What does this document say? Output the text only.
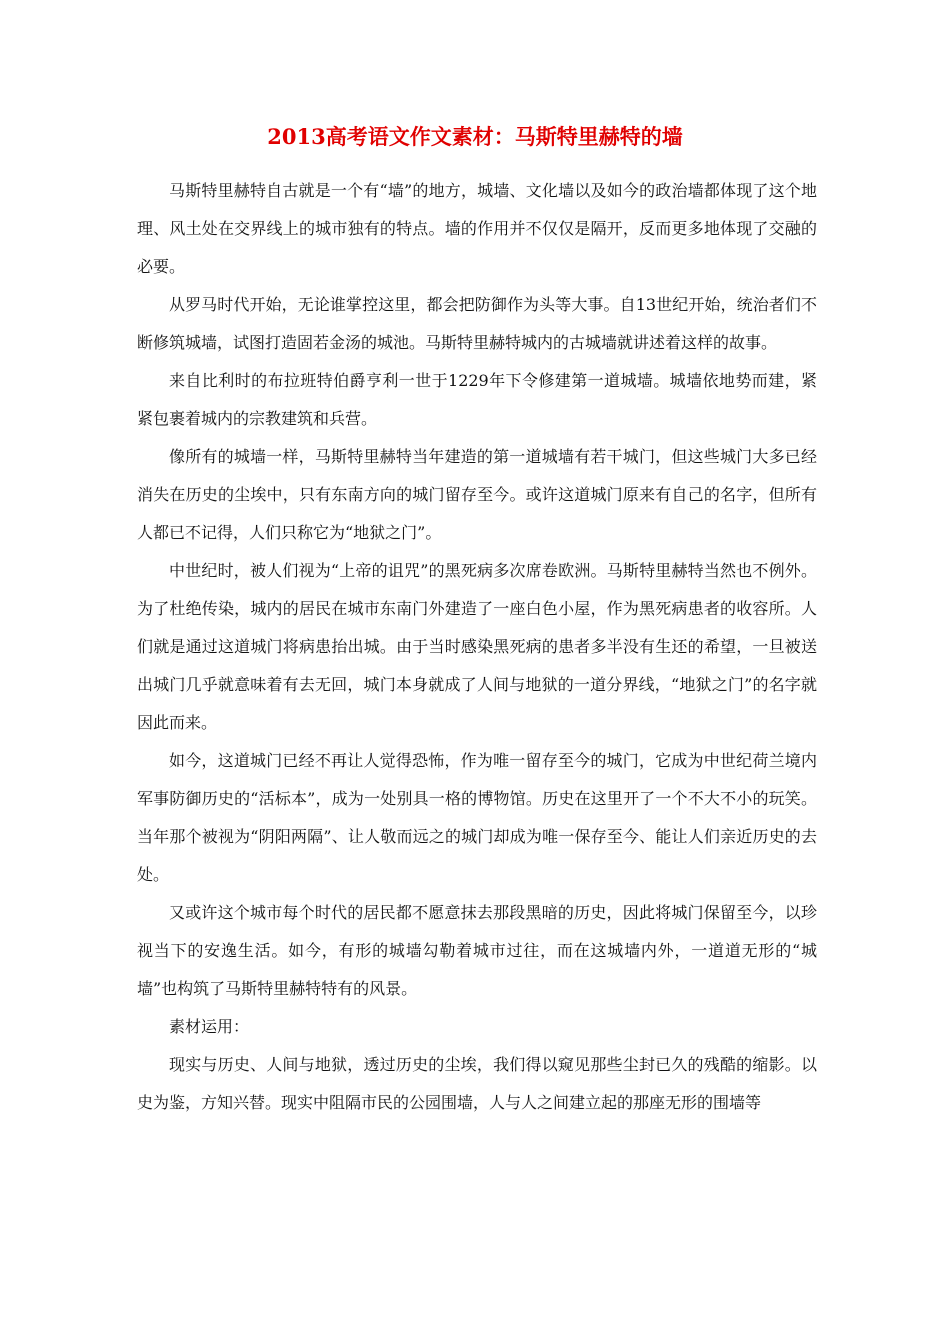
2013高考语文作文素材：马斯特里赫特的墙

马斯特里赫特自古就是一个有“墙”的地方，城墙、文化墙以及如今的政治墙都体现了这个地理、风土处在交界线上的城市独有的特点。墙的作用并不仅仅是隔开，反而更多地体现了交融的必要。

从罗马时代开始，无论谁掌控这里，都会把防御作为头等大事。自13世纪开始，统治者们不断修筑城墙，试图打造固若金汤的城池。马斯特里赫特城内的古城墙就讲述着这样的故事。

来自比利时的布拉班特伯爵亨利一世于1229年下令修建第一道城墙。城墙依地势而建，紧紧包裹着城内的宗教建筑和兵营。

像所有的城墙一样，马斯特里赫特当年建造的第一道城墙有若干城门，但这些城门大多已经消失在历史的尘埃中，只有东南方向的城门留存至今。或许这道城门原来有自己的名字，但所有人都已不记得，人们只称它为“地狱之门”。

中世纪时，被人们视为“上帝的诅咒”的黑死病多次席卷欧洲。马斯特里赫特当然也不例外。为了杜绝传染，城内的居民在城市东南门外建造了一座白色小屋，作为黑死病患者的收容所。人们就是通过这道城门将病患抬出城。由于当时感染黑死病的患者多半没有生还的希望，一旦被送出城门几乎就意味着有去无回，城门本身就成了人间与地狱的一道分界线，“地狱之门”的名字就因此而来。

如今，这道城门已经不再让人觉得恐怖，作为唯一留存至今的城门，它成为中世纪荷兰境内军事防御历史的“活标本”，成为一处别具一格的博物馆。历史在这里开了一个不大不小的玩笑。当年那个被视为“阴阳两隔”、让人敬而远之的城门却成为唯一保存至今、能让人们亲近历史的去处。

又或许这个城市每个时代的居民都不愿意抹去那段黑暗的历史，因此将城门保留至今，以珍视当下的安逸生活。如今，有形的城墙勾勒着城市过往，而在这城墙内外，一道道无形的“城墙”也构筑了马斯特里赫特特有的风景。

素材运用：

现实与历史、人间与地狱，透过历史的尘埃，我们得以窥见那些尘封已久的残酷的缩影。以史为鉴，方知兴替。现实中阻隔市民的公园围墙，人与人之间建立起的那座无形的围墙等
